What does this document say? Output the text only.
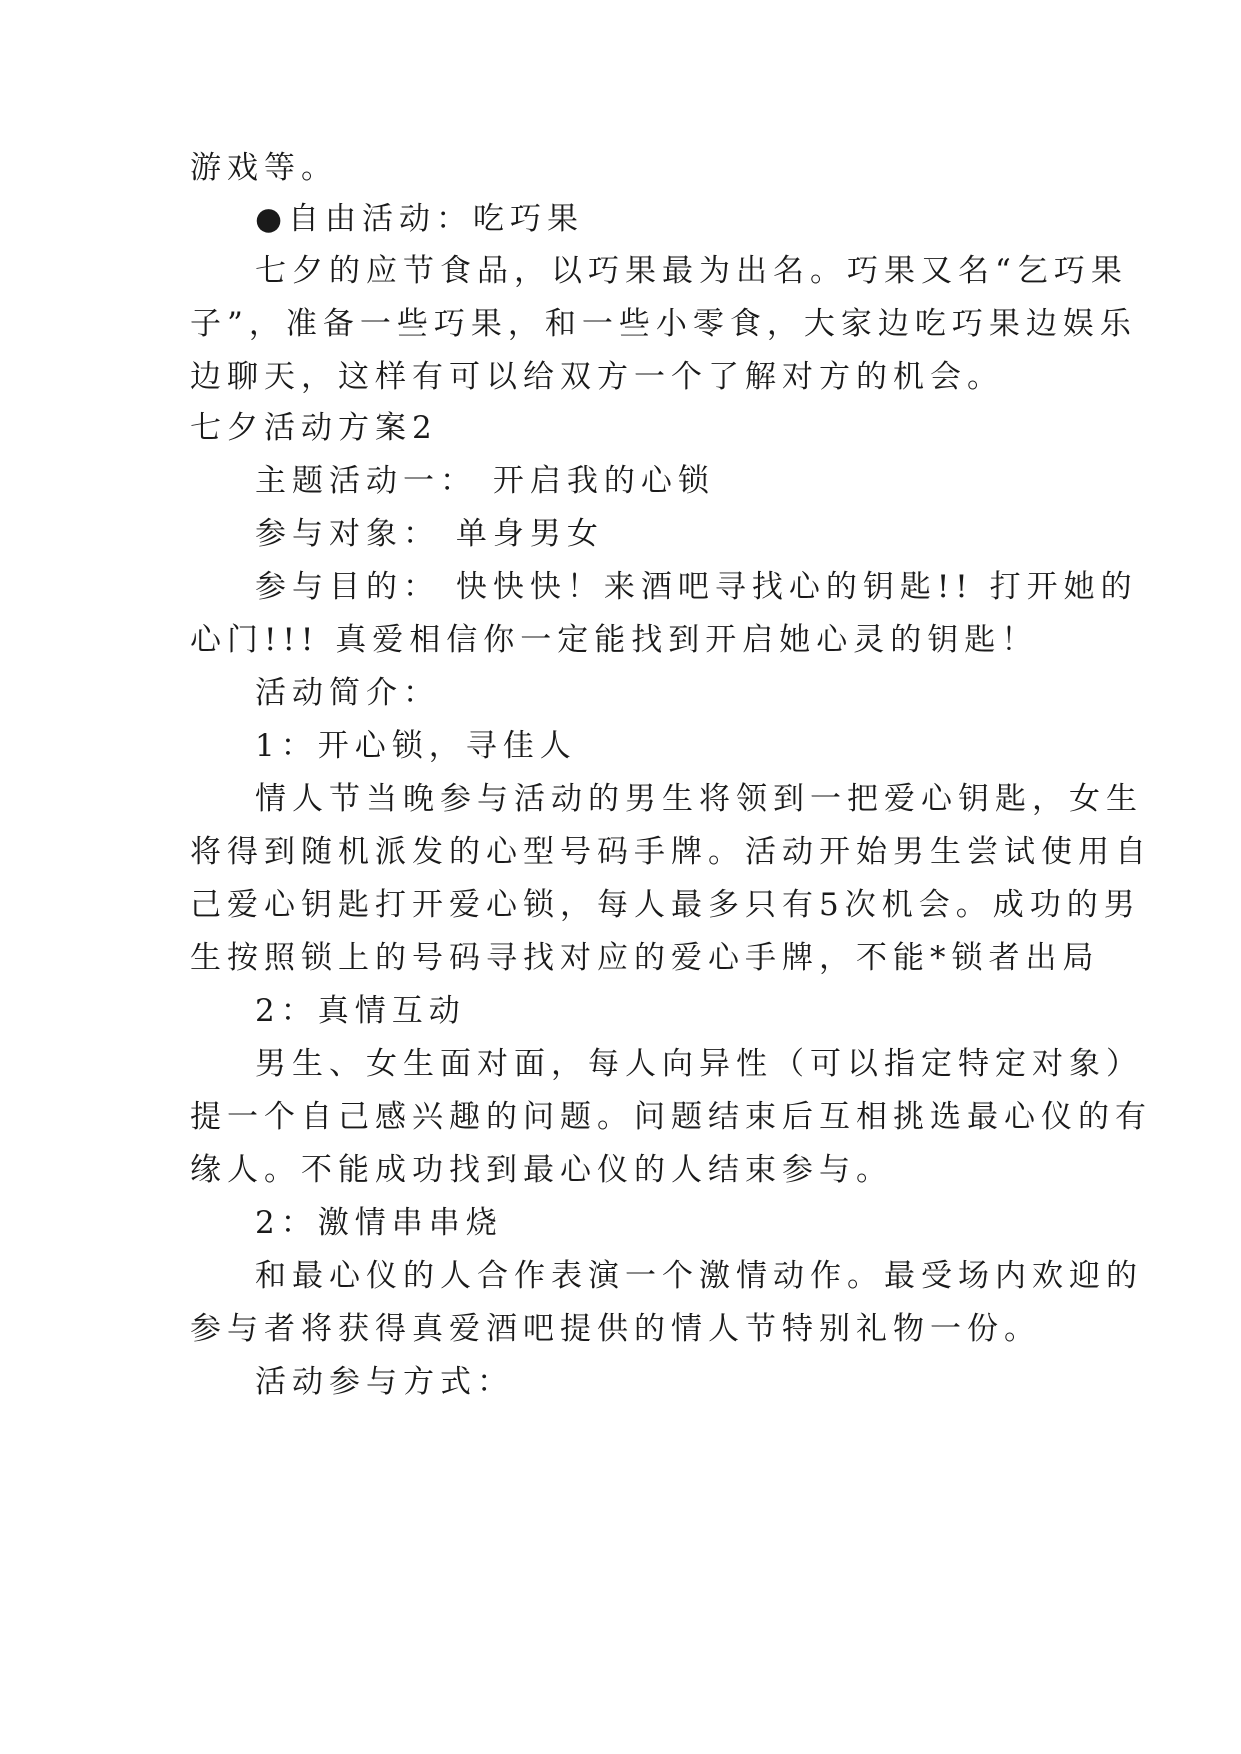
游戏等。
●自由活动：吃巧果
七夕的应节食品，以巧果最为出名。巧果又名“乞巧果
子”，准备一些巧果，和一些小零食，大家边吃巧果边娱乐
边聊天，这样有可以给双方一个了解对方的机会。
七夕活动方案2
主题活动一： 开启我的心锁
参与对象： 单身男女
参与目的： 快快快！来酒吧寻找心的钥匙!! 打开她的
心门!!! 真爱相信你一定能找到开启她心灵的钥匙！
活动简介：
1：开心锁，寻佳人
情人节当晚参与活动的男生将领到一把爱心钥匙，女生
将得到随机派发的心型号码手牌。活动开始男生尝试使用自
己爱心钥匙打开爱心锁，每人最多只有5次机会。成功的男
生按照锁上的号码寻找对应的爱心手牌，不能*锁者出局
2：真情互动
男生、女生面对面，每人向异性（可以指定特定对象）
提一个自己感兴趣的问题。问题结束后互相挑选最心仪的有
缘人。不能成功找到最心仪的人结束参与。
2：激情串串烧
和最心仪的人合作表演一个激情动作。最受场内欢迎的
参与者将获得真爱酒吧提供的情人节特别礼物一份。
活动参与方式：
